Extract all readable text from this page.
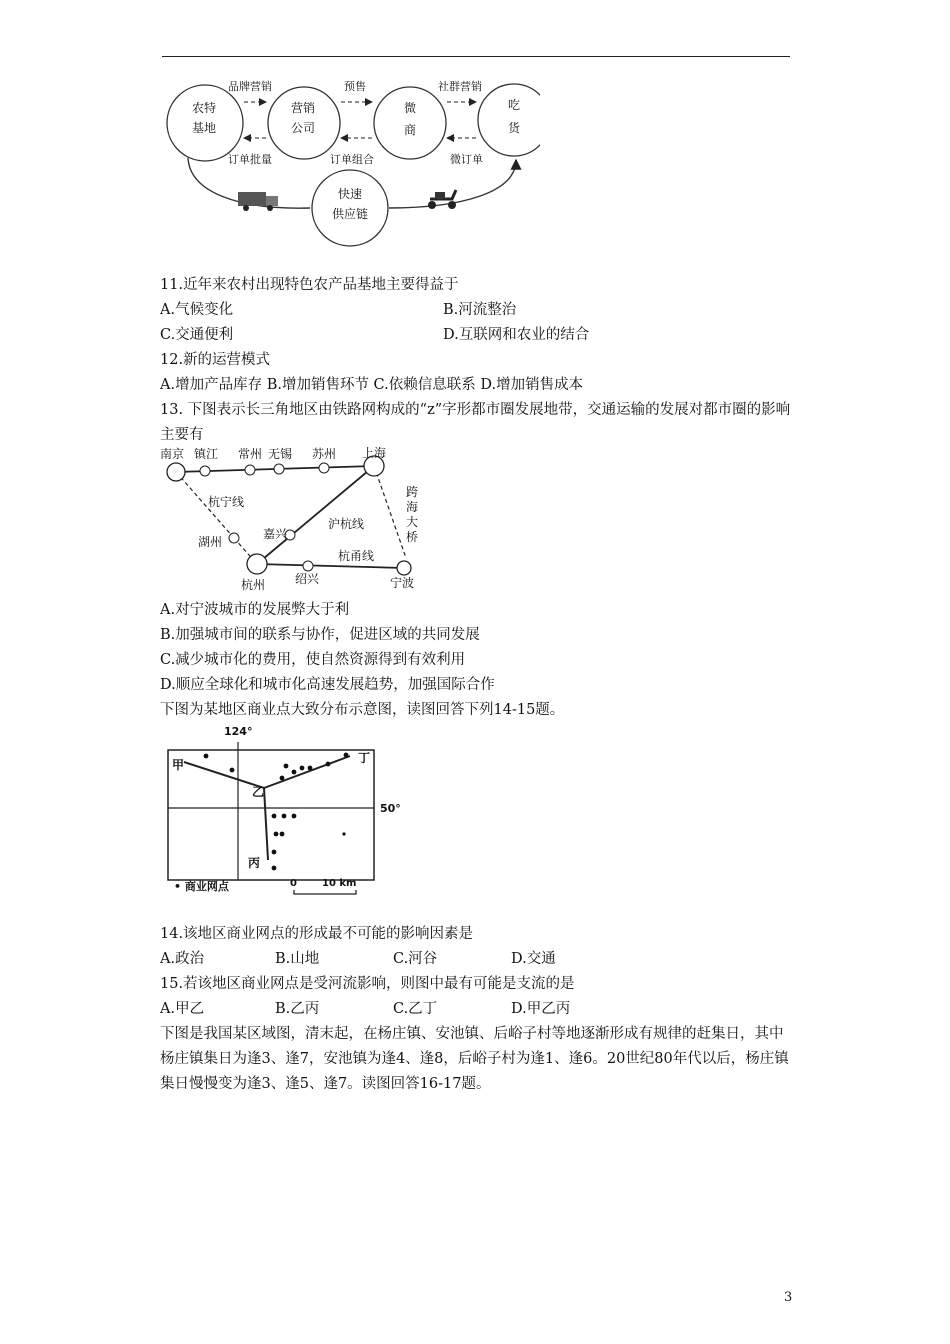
农特
基地
营销
公司
微
商
吃
货
快速
供应链
品牌营销	预售	社群营销
订单批量	订单组合	微订单
11.近年来农村出现特色农产品基地主要得益于
A.气候变化	B.河流整治
C.交通便利	D.互联网和农业的结合
12.新的运营模式
A.增加产品库存 B.增加销售环节 C.依赖信息联系 D.增加销售成本
13. 下图表示长三角地区由铁路网构成的“z”字形都市圈发展地带，交通运输的发展对都市圈的影响主要有
南京 镇江 常州 无锡 苏州 上海
嘉兴
湖州
杭州 绍兴	宁波
杭宁线
沪杭线
杭甬线
跨
海
大
桥
A.对宁波城市的发展弊大于利
B.加强城市间的联系与协作，促进区域的共同发展
C.减少城市化的费用，使自然资源得到有效利用
D.顺应全球化和城市化高速发展趋势，加强国际合作
下图为某地区商业点大致分布示意图，读图回答下列14-15题。
124°
50°
甲
乙
丙
丁
• 商业网点	0	10 km
14.该地区商业网点的形成最不可能的影响因素是
A.政治	B.山地	C.河谷	D.交通
15.若该地区商业网点是受河流影响，则图中最有可能是支流的是
A.甲乙	B.乙丙	C.乙丁	D.甲乙丙
下图是我国某区域图，清末起，在杨庄镇、安池镇、后峪子村等地逐渐形成有规律的赶集日，其中杨庄镇集日为逢3、逢7，安池镇为逢4、逢8，后峪子村为逢1、逢6。20世纪80年代以后，杨庄镇集日慢慢变为逢3、逢5、逢7。读图回答16-17题。
3
